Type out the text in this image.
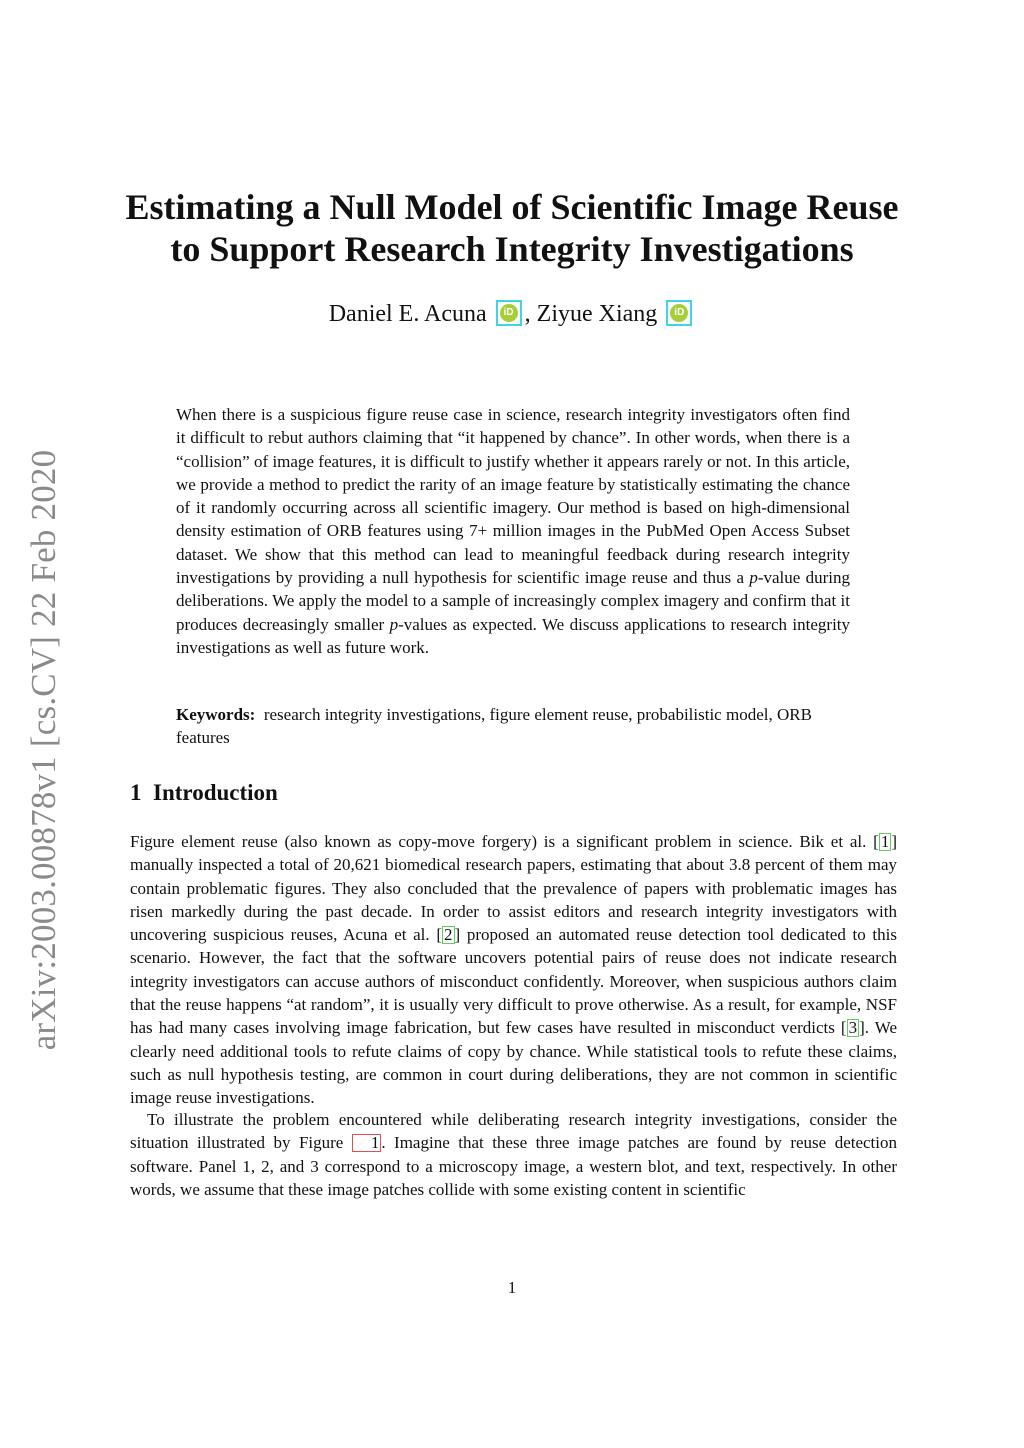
arXiv:2003.00878v1 [cs.CV] 22 Feb 2020
Estimating a Null Model of Scientific Image Reuse
to Support Research Integrity Investigations
Daniel E. Acuna	iD , Ziyue Xiang	iD

When there is a suspicious figure reuse case in science, research integrity investigators often find it difficult to rebut authors claiming that “it happened by chance”. In other words, when there is a “collision” of image features, it is difficult to justify whether it appears rarely or not. In this article, we provide a method to predict the rarity of an image feature by statistically estimating the chance of it randomly occurring across all scientific imagery. Our method is based on high-dimensional density estimation of ORB features using 7+ million images in the PubMed Open Access Subset dataset. We show that this method can lead to meaningful feedback during research integrity investigations by providing a null hypothesis for scientific image reuse and thus a p-value during deliberations. We apply the model to a sample of increasingly complex imagery and confirm that it produces decreasingly smaller p-values as expected. We discuss applications to research integrity investigations as well as future work.

Keywords: research integrity investigations, figure element reuse, probabilistic model, ORB features

1 Introduction

Figure element reuse (also known as copy-move forgery) is a significant problem in science. Bik et al. [ 1 ] manually inspected a total of 20,621 biomedical research papers, estimating that about 3.8 percent of them may contain problematic figures. They also concluded that the prevalence of papers with problematic images has risen markedly during the past decade. In order to assist editors and research integrity investigators with uncovering suspicious reuses, Acuna et al. [ 2 ] proposed an automated reuse detection tool dedicated to this scenario. However, the fact that the software uncovers potential pairs of reuse does not indicate research integrity investigators can accuse authors of misconduct confidently. Moreover, when suspicious authors claim that the reuse happens “at random”, it is usually very difficult to prove otherwise. As a result, for example, NSF has had many cases involving image fabrication, but few cases have resulted in misconduct verdicts [ 3 ]. We clearly need additional tools to refute claims of copy by chance. While statistical tools to refute these claims, such as null hypothesis testing, are common in court during deliberations, they are not common in scientific image reuse investigations.

To illustrate the problem encountered while deliberating research integrity investigations, consider the situation illustrated by Figure 1 . Imagine that these three image patches are found by reuse detection software. Panel 1, 2, and 3 correspond to a microscopy image, a western blot, and text, respectively. In other words, we assume that these image patches collide with some existing content in scientific

1
